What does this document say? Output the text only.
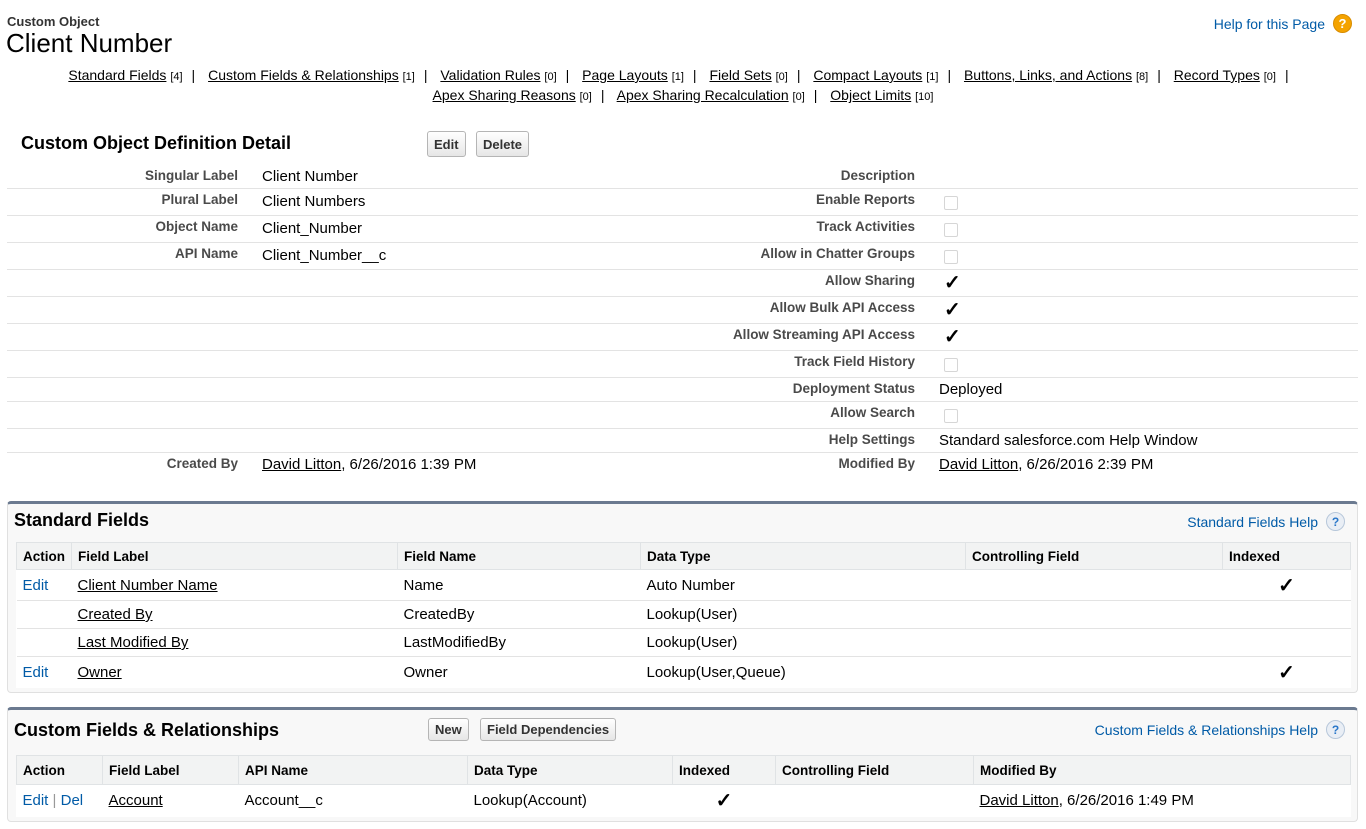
Custom Object
Client Number
Help for this Page	?
Standard Fields [4] | Custom Fields & Relationships [1] | Validation Rules [0] | Page Layouts [1] | Field Sets [0] | Compact Layouts [1] | Buttons, Links, and Actions [8] | Record Types [0] |
Apex Sharing Reasons [0] | Apex Sharing Recalculation [0] | Object Limits [10]
Custom Object Definition Detail	Edit	Delete
Singular Label Client Number	Description
Plural Label Client Numbers	Enable Reports
Object Name Client_Number	Track Activities
API Name Client_Number__c	Allow in Chatter Groups
Allow Sharing ✓
Allow Bulk API Access ✓
Allow Streaming API Access ✓
Track Field History
Deployment Status Deployed
Allow Search
Help Settings Standard salesforce.com Help Window
Created By David Litton, 6/26/2016 1:39 PM	Modified By David Litton, 6/26/2016 2:39 PM
Standard Fields	Standard Fields Help	?
Action	Field Label	Field Name	Data Type	Controlling Field	Indexed
Edit	Client Number Name	Name	Auto Number		✓
	Created By	CreatedBy	Lookup(User)		
	Last Modified By	LastModifiedBy	Lookup(User)		
Edit	Owner	Owner	Lookup(User,Queue)		✓
Custom Fields & Relationships	New	Field Dependencies	Custom Fields & Relationships Help	?
Action	Field Label	API Name	Data Type	Indexed	Controlling Field	Modified By
Edit | Del	Account	Account__c	Lookup(Account)	✓		David Litton, 6/26/2016 1:49 PM
